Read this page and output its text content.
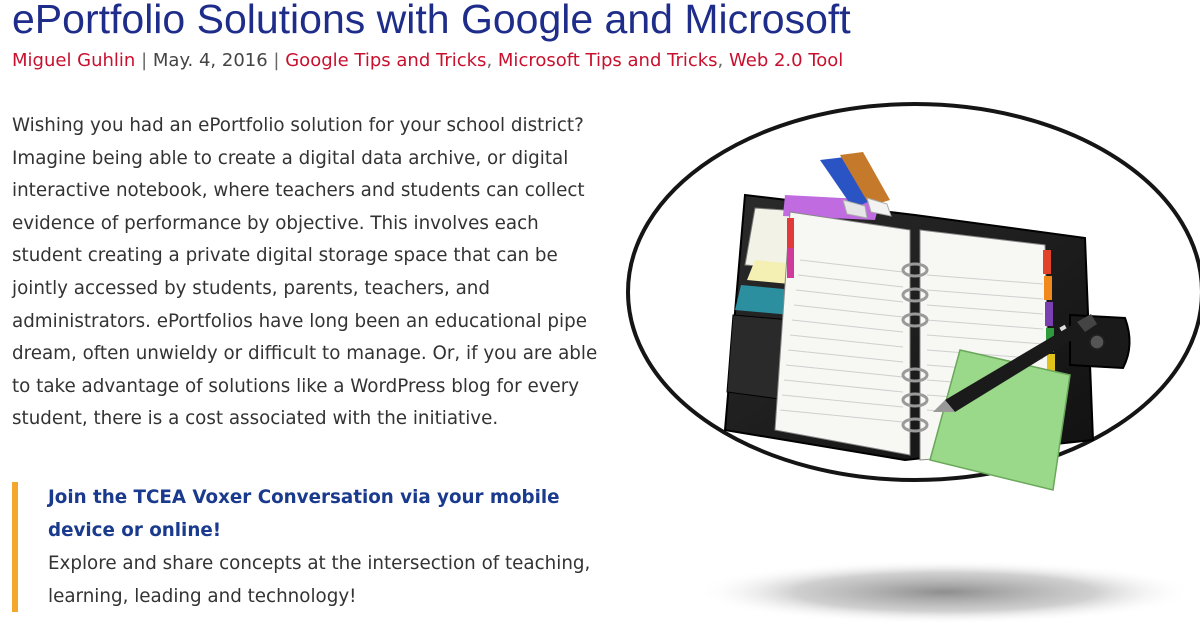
ePortfolio Solutions with Google and Microsoft
Miguel Guhlin | May. 4, 2016 | Google Tips and Tricks, Microsoft Tips and Tricks, Web 2.0 Tool

Wishing you had an ePortfolio solution for your school district? Imagine being able to create a digital data archive, or digital interactive notebook, where teachers and students can collect evidence of performance by objective. This involves each student creating a private digital storage space that can be jointly accessed by students, parents, teachers, and administrators. ePortfolios have long been an educational pipe dream, often unwieldy or difficult to manage. Or, if you are able to take advantage of solutions like a WordPress blog for every student, there is a cost associated with the initiative.

Join the TCEA Voxer Conversation via your mobile device or online!
Explore and share concepts at the intersection of teaching, learning, leading and technology!
